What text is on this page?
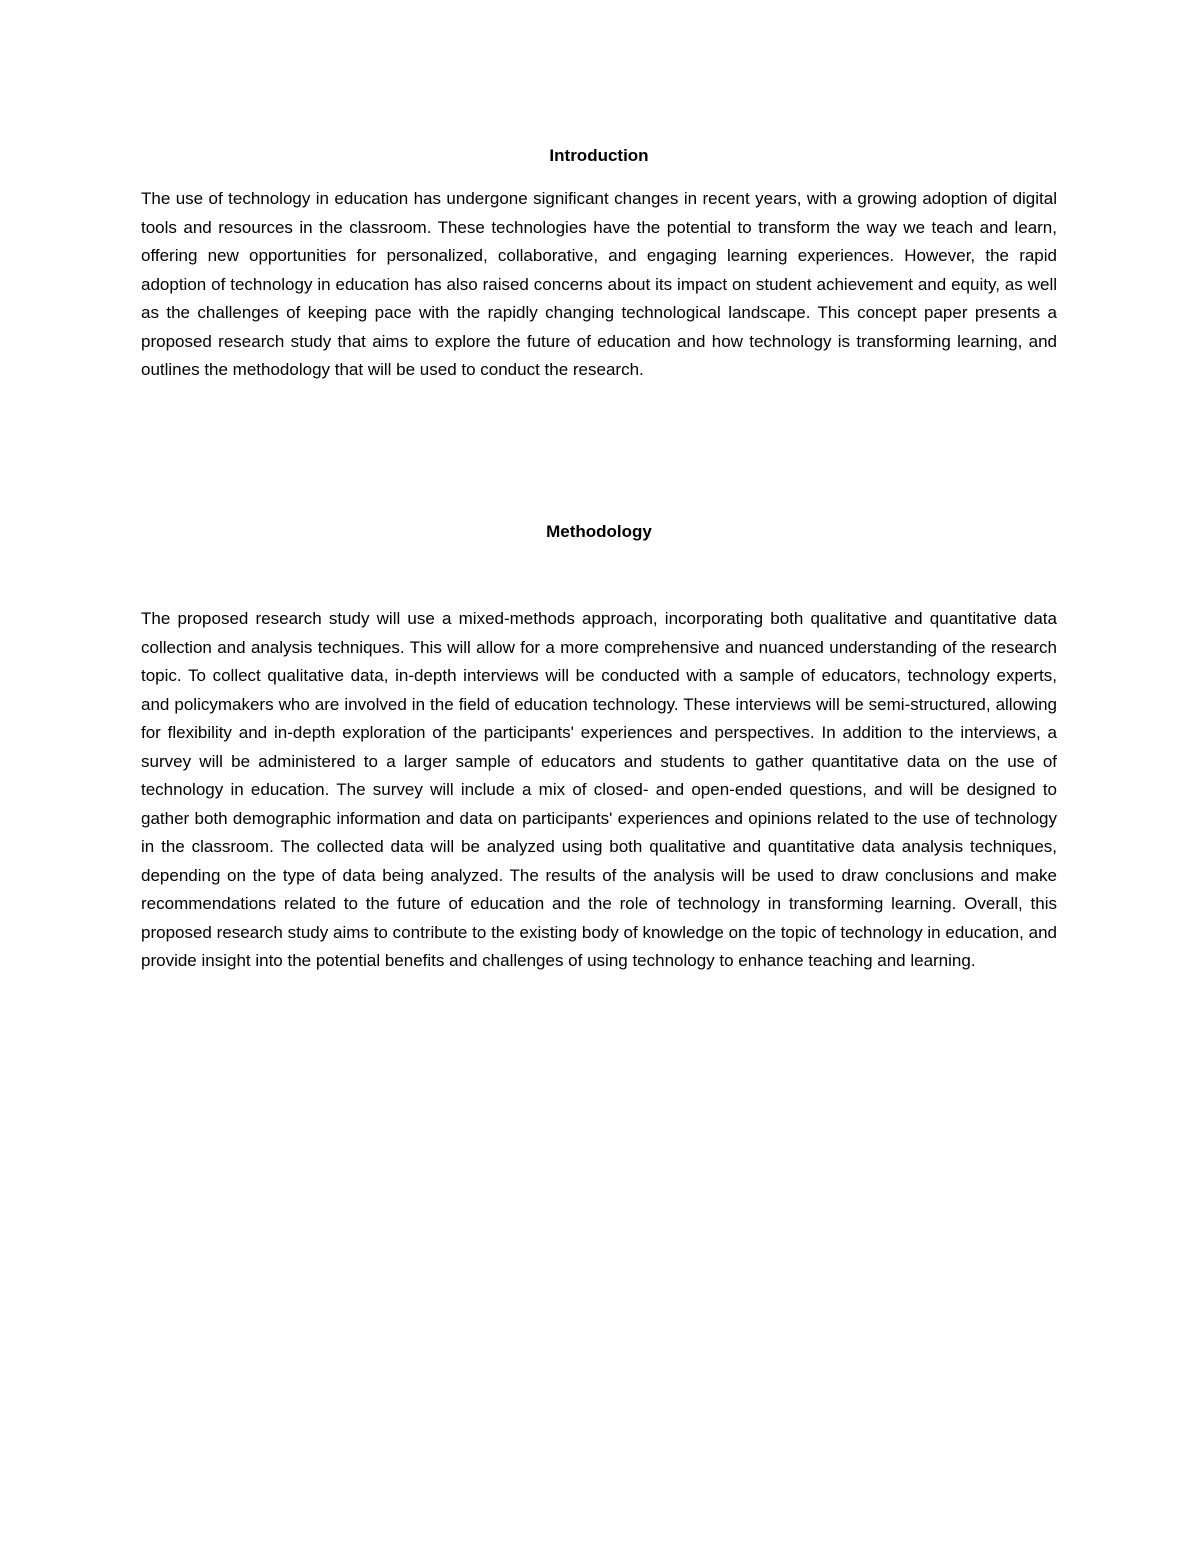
Introduction

The use of technology in education has undergone significant changes in recent years, with a growing adoption of digital tools and resources in the classroom. These technologies have the potential to transform the way we teach and learn, offering new opportunities for personalized, collaborative, and engaging learning experiences. However, the rapid adoption of technology in education has also raised concerns about its impact on student achievement and equity, as well as the challenges of keeping pace with the rapidly changing technological landscape. This concept paper presents a proposed research study that aims to explore the future of education and how technology is transforming learning, and outlines the methodology that will be used to conduct the research.

Methodology

The proposed research study will use a mixed-methods approach, incorporating both qualitative and quantitative data collection and analysis techniques. This will allow for a more comprehensive and nuanced understanding of the research topic. To collect qualitative data, in-depth interviews will be conducted with a sample of educators, technology experts, and policymakers who are involved in the field of education technology. These interviews will be semi-structured, allowing for flexibility and in-depth exploration of the participants' experiences and perspectives. In addition to the interviews, a survey will be administered to a larger sample of educators and students to gather quantitative data on the use of technology in education. The survey will include a mix of closed- and open-ended questions, and will be designed to gather both demographic information and data on participants' experiences and opinions related to the use of technology in the classroom. The collected data will be analyzed using both qualitative and quantitative data analysis techniques, depending on the type of data being analyzed. The results of the analysis will be used to draw conclusions and make recommendations related to the future of education and the role of technology in transforming learning. Overall, this proposed research study aims to contribute to the existing body of knowledge on the topic of technology in education, and provide insight into the potential benefits and challenges of using technology to enhance teaching and learning.
